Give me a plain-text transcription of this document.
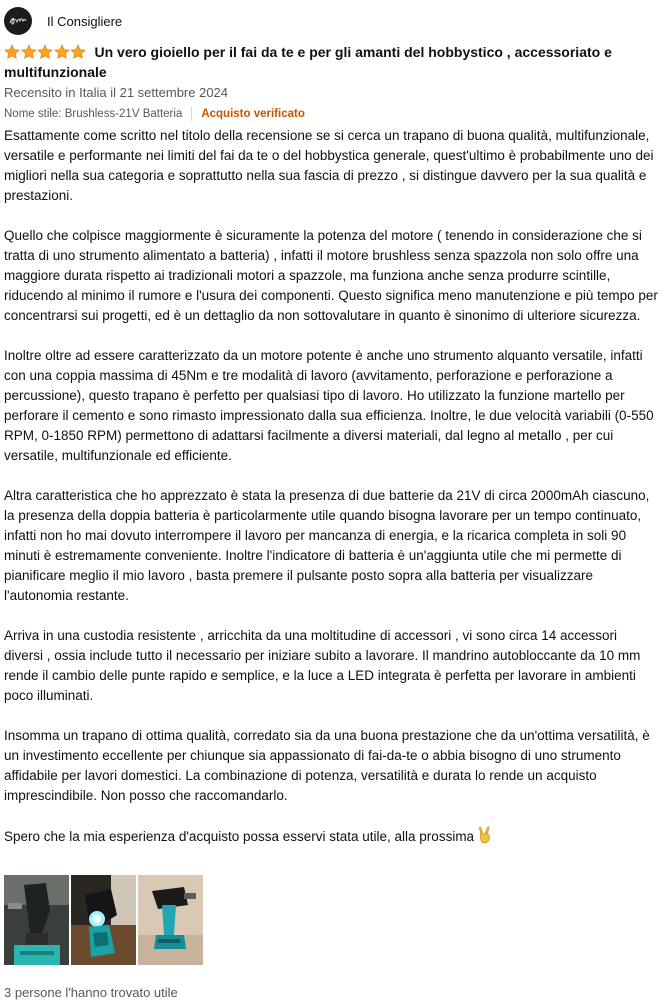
Il Consigliere
Un vero gioiello per il fai da te e per gli amanti del hobbystico , accessoriato e multifunzionale
Recensito in Italia il 21 settembre 2024
Nome stile: Brushless-21V Batteria Acquisto verificato

Esattamente come scritto nel titolo della recensione se si cerca un trapano di buona qualità, multifunzionale, versatile e performante nei limiti del fai da te o del hobbystica generale, quest'ultimo è probabilmente uno dei migliori nella sua categoria e soprattutto nella sua fascia di prezzo , si distingue davvero per la sua qualità e prestazioni.

Quello che colpisce maggiormente è sicuramente la potenza del motore ( tenendo in considerazione che si tratta di uno strumento alimentato a batteria) , infatti il motore brushless senza spazzola non solo offre una maggiore durata rispetto ai tradizionali motori a spazzole, ma funziona anche senza produrre scintille, riducendo al minimo il rumore e l'usura dei componenti. Questo significa meno manutenzione e più tempo per concentrarsi sui progetti, ed è un dettaglio da non sottovalutare in quanto è sinonimo di ulteriore sicurezza.

Inoltre oltre ad essere caratterizzato da un motore potente è anche uno strumento alquanto versatile, infatti con una coppia massima di 45Nm e tre modalità di lavoro (avvitamento, perforazione e perforazione a percussione), questo trapano è perfetto per qualsiasi tipo di lavoro. Ho utilizzato la funzione martello per perforare il cemento e sono rimasto impressionato dalla sua efficienza. Inoltre, le due velocità variabili (0-550 RPM, 0-1850 RPM) permettono di adattarsi facilmente a diversi materiali, dal legno al metallo , per cui versatile, multifunzionale ed efficiente.

Altra caratteristica che ho apprezzato è stata la presenza di due batterie da 21V di circa 2000mAh ciascuno, la presenza della doppia batteria è particolarmente utile quando bisogna lavorare per un tempo continuato, infatti non ho mai dovuto interrompere il lavoro per mancanza di energia, e la ricarica completa in soli 90 minuti è estremamente conveniente. Inoltre l'indicatore di batteria è un'aggiunta utile che mi permette di pianificare meglio il mio lavoro , basta premere il pulsante posto sopra alla batteria per visualizzare l'autonomia restante.

Arriva in una custodia resistente , arricchita da una moltitudine di accessori , vi sono circa 14 accessori diversi , ossia include tutto il necessario per iniziare subito a lavorare. Il mandrino autobloccante da 10 mm rende il cambio delle punte rapido e semplice, e la luce a LED integrata è perfetta per lavorare in ambienti poco illuminati.

Insomma un trapano di ottima qualità, corredato sia da una buona prestazione che da un'ottima versatilità, è un investimento eccellente per chiunque sia appassionato di fai-da-te o abbia bisogno di uno strumento affidabile per lavori domestici. La combinazione di potenza, versatilità e durata lo rende un acquisto imprescindibile. Non posso che raccomandarlo.

Spero che la mia esperienza d'acquisto possa esservi stata utile, alla prossima

3 persone l'hanno trovato utile
